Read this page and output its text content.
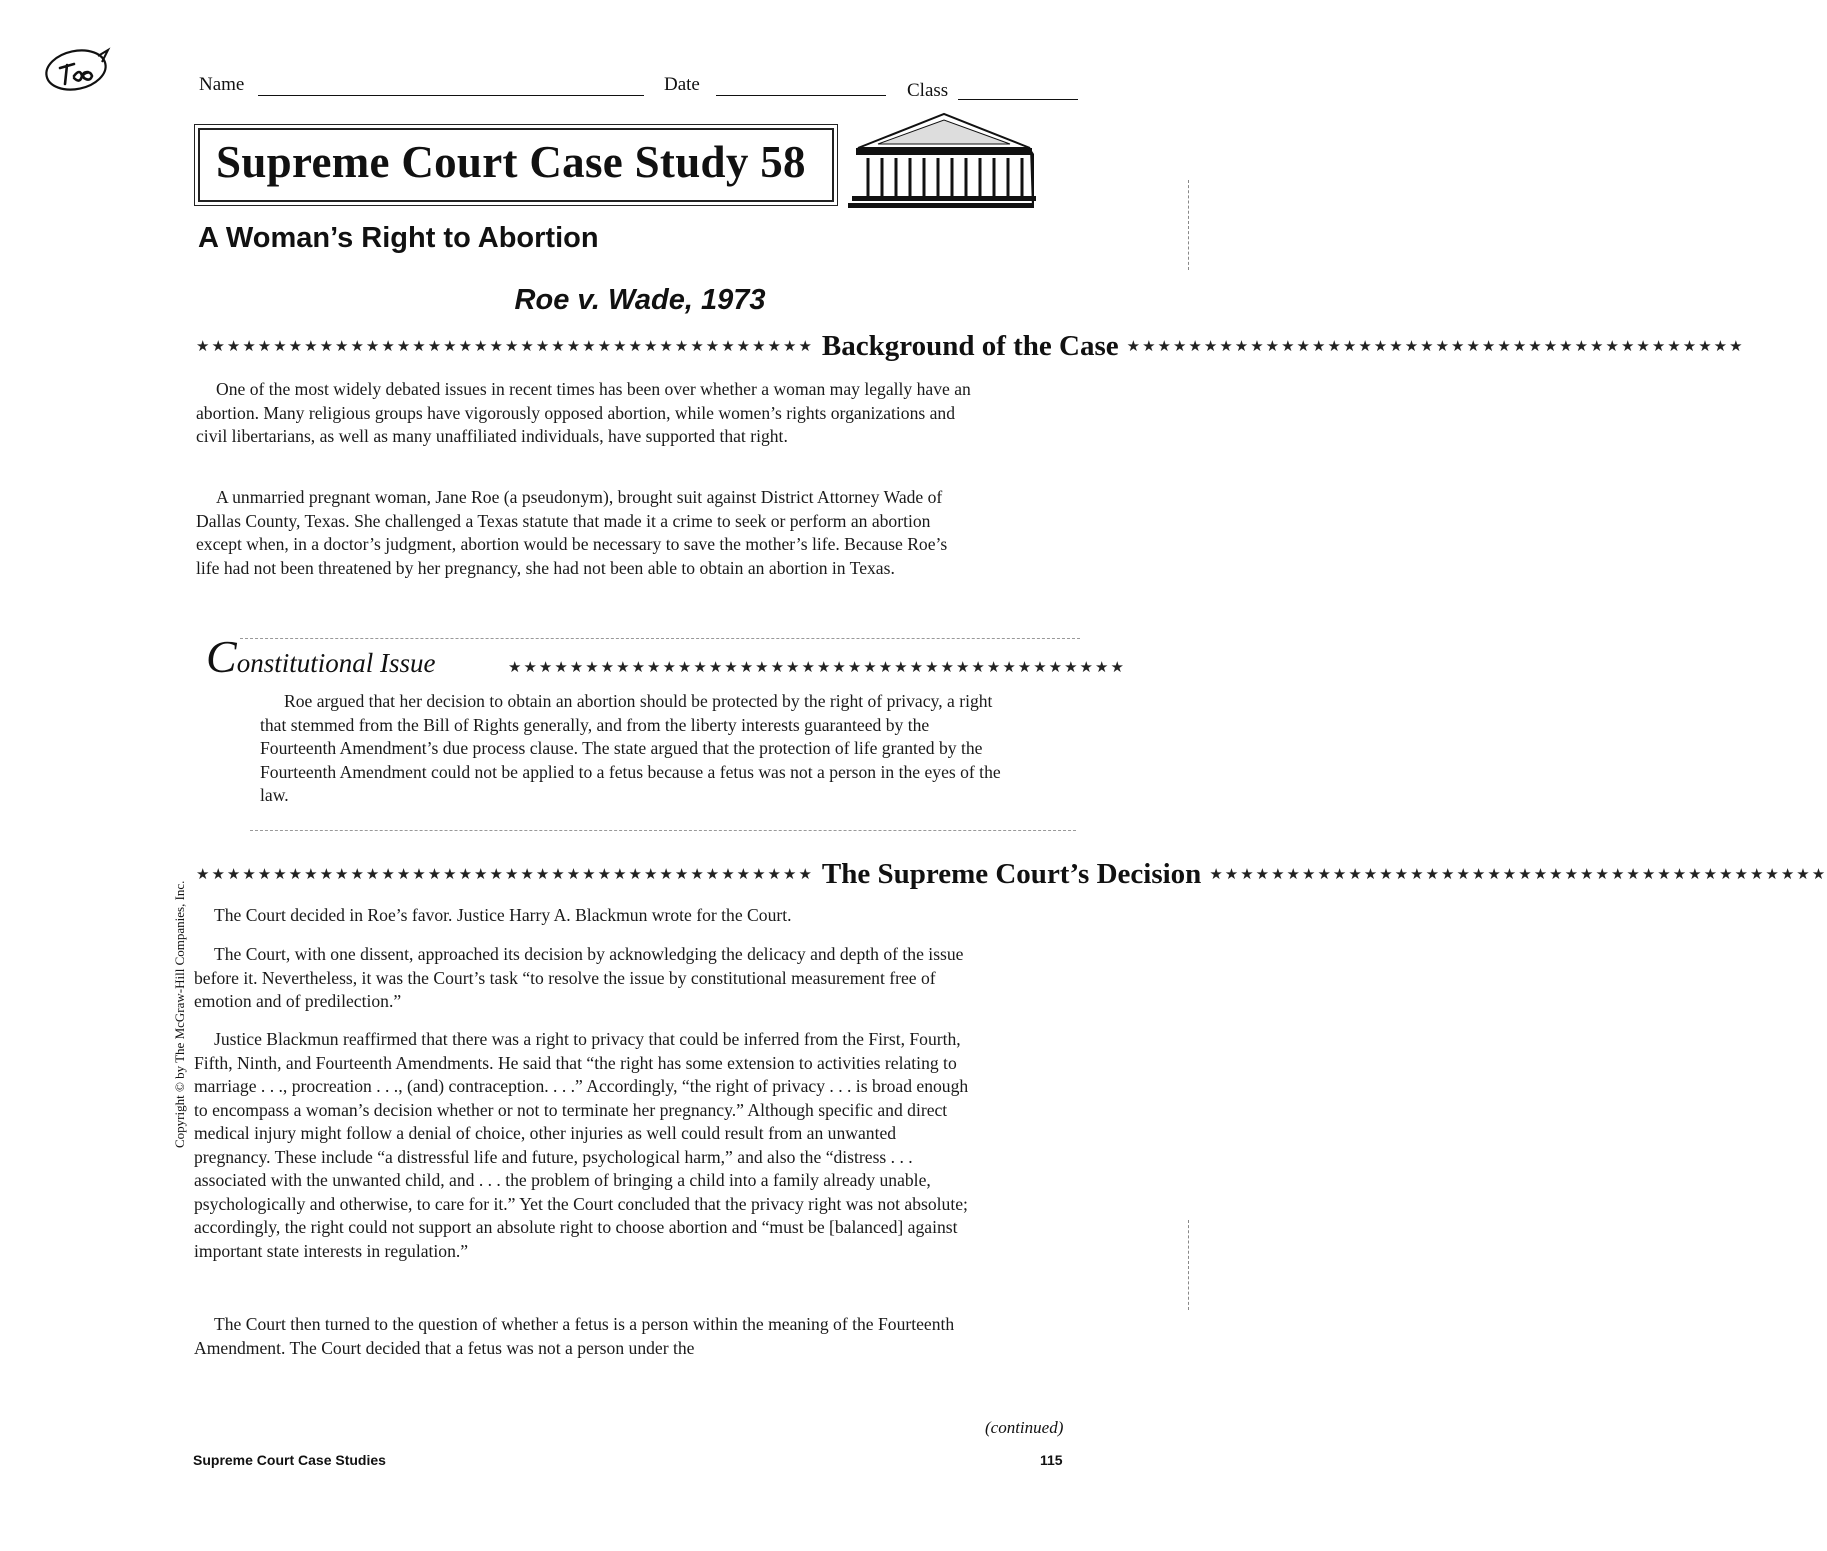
Name	Date	Class
Supreme Court Case Study 58
A Woman’s Right to Abortion
Roe v. Wade, 1973
★★★★★★★★★★★★★★★★★★★★★★★★★★★★★★★★★★★★★★★★ Background of the Case ★★★★★★★★★★★★★★★★★★★★★★★★★★★★★★★★★★★★★★★★

One of the most widely debated issues in recent times has been over whether a woman may legally have an abortion. Many religious groups have vigorously opposed abortion, while women’s rights organizations and civil libertarians, as well as many unaffiliated individuals, have supported that right.

A unmarried pregnant woman, Jane Roe (a pseudonym), brought suit against District Attorney Wade of Dallas County, Texas. She challenged a Texas statute that made it a crime to seek or perform an abortion except when, in a doctor’s judgment, abortion would be necessary to save the mother’s life. Because Roe’s life had not been threatened by her pregnancy, she had not been able to obtain an abortion in Texas.

Constitutional Issue	★★★★★★★★★★★★★★★★★★★★★★★★★★★★★★★★★★★★★★★★

Roe argued that her decision to obtain an abortion should be protected by the right of privacy, a right that stemmed from the Bill of Rights generally, and from the liberty interests guaranteed by the Fourteenth Amendment’s due process clause. The state argued that the protection of life granted by the Fourteenth Amendment could not be applied to a fetus because a fetus was not a person in the eyes of the law.

★★★★★★★★★★★★★★★★★★★★★★★★★★★★★★★★★★★★★★★★ The Supreme Court’s Decision ★★★★★★★★★★★★★★★★★★★★★★★★★★★★★★★★★★★★★★★★

The Court decided in Roe’s favor. Justice Harry A. Blackmun wrote for the Court.

The Court, with one dissent, approached its decision by acknowledging the delicacy and depth of the issue before it. Nevertheless, it was the Court’s task “to resolve the issue by constitutional measurement free of emotion and of predilection.”

Justice Blackmun reaffirmed that there was a right to privacy that could be inferred from the First, Fourth, Fifth, Ninth, and Fourteenth Amendments. He said that “the right has some extension to activities relating to marriage . . ., procreation . . ., (and) contraception. . . .” Accordingly, “the right of privacy . . . is broad enough to encompass a woman’s decision whether or not to terminate her pregnancy.” Although specific and direct medical injury might follow a denial of choice, other injuries as well could result from an unwanted pregnancy. These include “a distressful life and future, psychological harm,” and also the “distress . . . associated with the unwanted child, and . . . the problem of bringing a child into a family already unable, psychologically and otherwise, to care for it.” Yet the Court concluded that the privacy right was not absolute; accordingly, the right could not support an absolute right to choose abortion and “must be [balanced] against important state interests in regulation.”

The Court then turned to the question of whether a fetus is a person within the meaning of the Fourteenth Amendment. The Court decided that a fetus was not a person under the

(continued)
Supreme Court Case Studies	115
Copyright © by The McGraw-Hill Companies, Inc.
